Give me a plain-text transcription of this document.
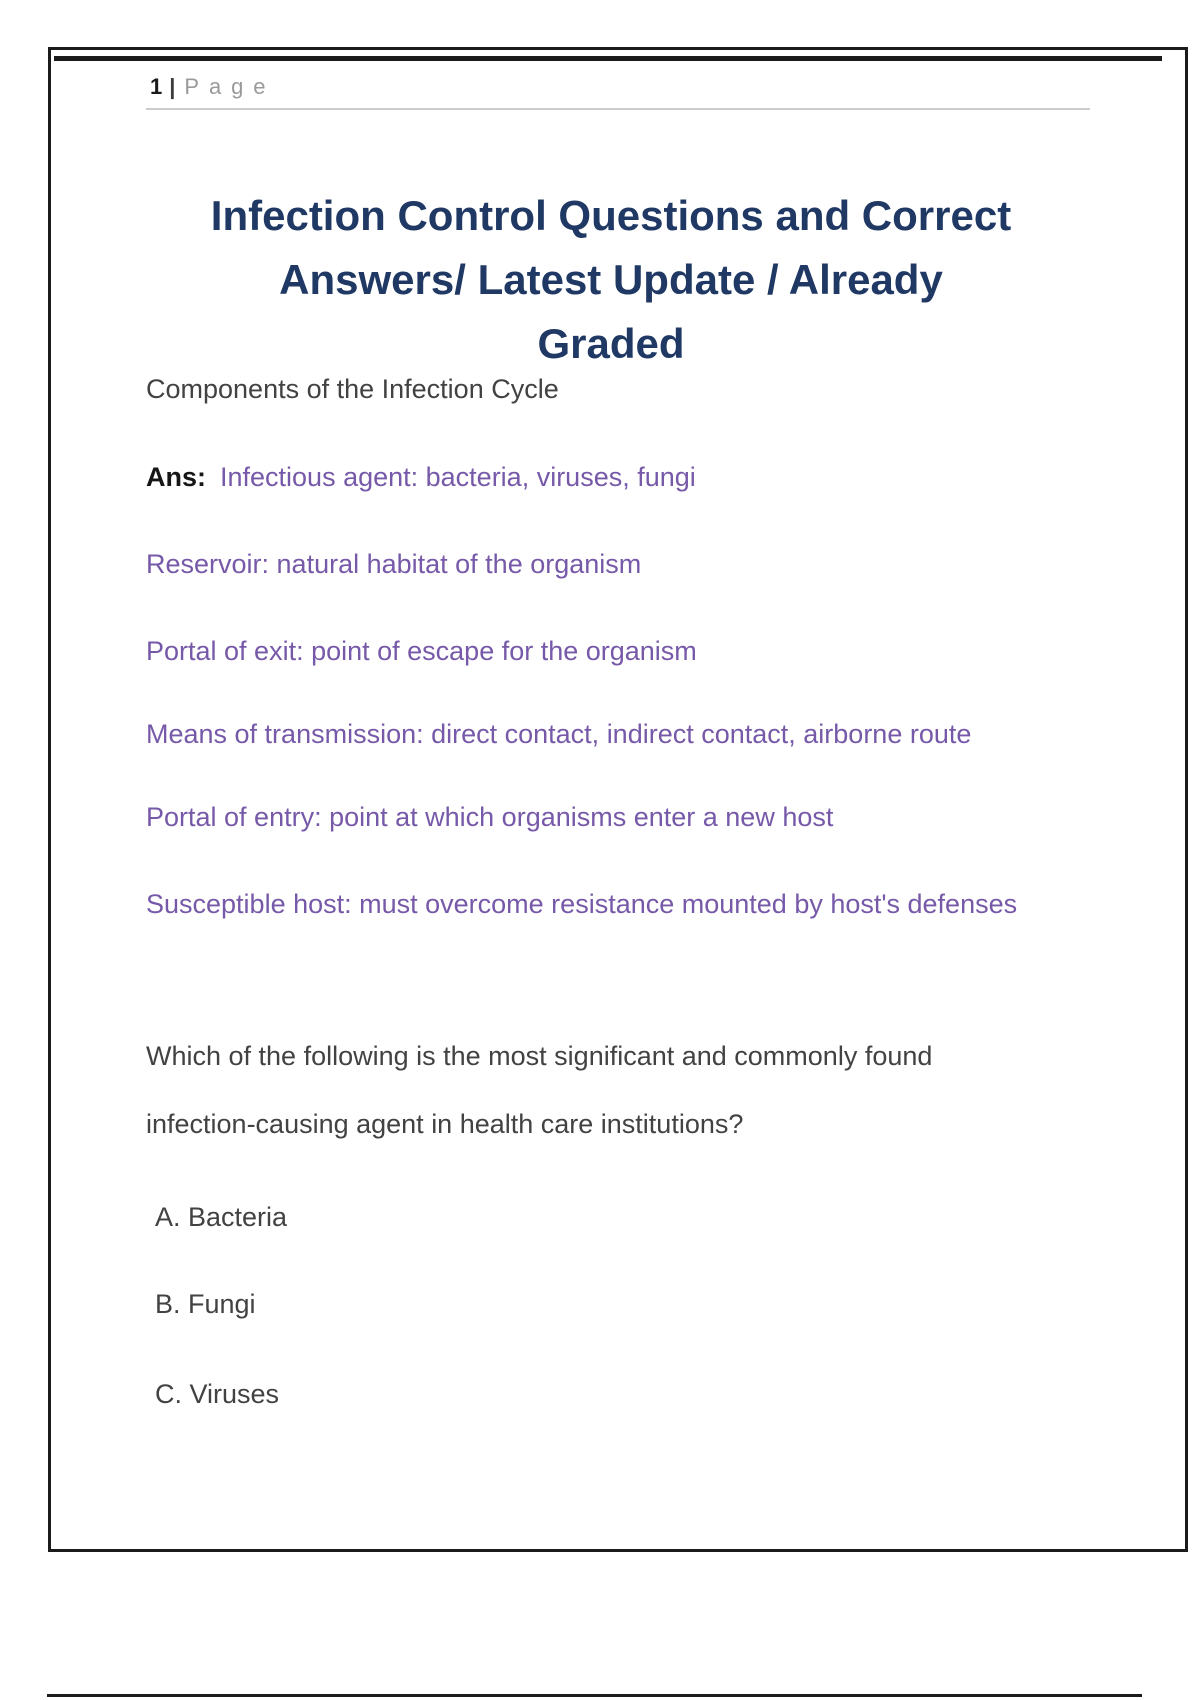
1 | Page
Infection Control Questions and Correct
Answers/ Latest Update / Already
Graded
Components of the Infection Cycle
Ans: Infectious agent: bacteria, viruses, fungi
Reservoir: natural habitat of the organism
Portal of exit: point of escape for the organism
Means of transmission: direct contact, indirect contact, airborne route
Portal of entry: point at which organisms enter a new host
Susceptible host: must overcome resistance mounted by host's defenses
Which of the following is the most significant and commonly found
infection-causing agent in health care institutions?
A. Bacteria
B. Fungi
C. Viruses
